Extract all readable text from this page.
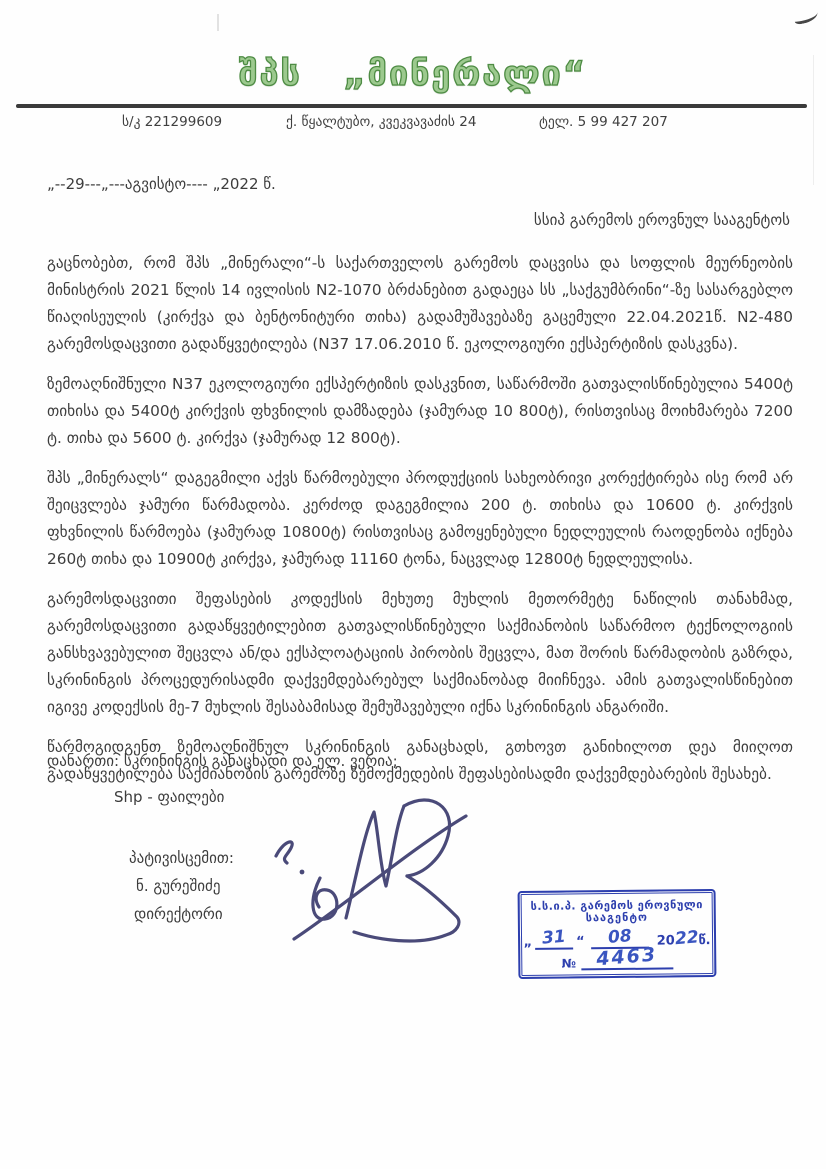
შპს   „მინერალი“
ს/კ 221299609	ქ. წყალტუბო, კვეკვავაძის 24	ტელ. 5 99 427 207
„--29---„---აგვისტო---- „2022 წ.
სსიპ გარემოს ეროვნულ სააგენტოს

გაცნობებთ, რომ შპს „მინერალი“-ს საქართველოს გარემოს დაცვისა და სოფლის მეურნეობის მინისტრის 2021 წლის 14 ივლისის N2-1070 ბრძანებით გადაეცა სს „საქგუმბრინი“-ზე სასარგებლო წიაღისეულის (კირქვა და ბენტონიტური თიხა) გადამუშავებაზე გაცემული 22.04.2021წ. N2-480 გარემოსდაცვითი გადაწყვეტილება (N37 17.06.2010 წ. ეკოლოგიური ექსპერტიზის დასკვნა).

ზემოაღნიშნული N37 ეკოლოგიური ექსპერტიზის დასკვნით, საწარმოში გათვალისწინებულია 5400ტ თიხისა და 5400ტ კირქვის ფხვნილის დამზადება (ჯამურად 10 800ტ), რისთვისაც მოიხმარება 7200 ტ. თიხა და 5600 ტ. კირქვა (ჯამურად 12 800ტ).

შპს „მინერალს“ დაგეგმილი აქვს წარმოებული პროდუქციის სახეობრივი კორექტირება ისე რომ არ შეიცვლება ჯამური წარმადობა. კერძოდ დაგეგმილია 200 ტ. თიხისა და 10600 ტ. კირქვის ფხვნილის წარმოება (ჯამურად 10800ტ) რისთვისაც გამოყენებული ნედლეულის რაოდენობა იქნება 260ტ თიხა და 10900ტ კირქვა, ჯამურად 11160 ტონა, ნაცვლად 12800ტ ნედლეულისა.

გარემოსდაცვითი შეფასების კოდექსის მეხუთე მუხლის მეთორმეტე ნაწილის თანახმად, გარემოსდაცვითი გადაწყვეტილებით გათვალისწინებული საქმიანობის საწარმოო ტექნოლოგიის განსხვავებულით შეცვლა ან/და ექსპლოატაციის პირობის შეცვლა, მათ შორის წარმადობის გაზრდა, სკრინინგის პროცედურისადმი დაქვემდებარებულ საქმიანობად მიიჩნევა. ამის გათვალისწინებით იგივე კოდექსის მე-7 მუხლის შესაბამისად შემუშავებული იქნა სკრინინგის ანგარიში.

წარმოგიდგენთ ზემოაღნიშნულ სკრინინგის განაცხადს, გთხოვთ განიხილოთ დეა მიიღოთ გადაწყვეტილება საქმიანობის გარემოზე ზემოქმედების შეფასებისადმი დაქვემდებარების შესახებ.

დანართი: სკრინინგის განაცხადი და ელ. ვერია;
Shp - ფაილები
პატივისცემით:
ნ. გურეშიძე
დირექტორი	ს.ს.ი.პ. გარემოს ეროვნული
სააგენტო
„ 31 “	08	20 22 წ.
№	4463
